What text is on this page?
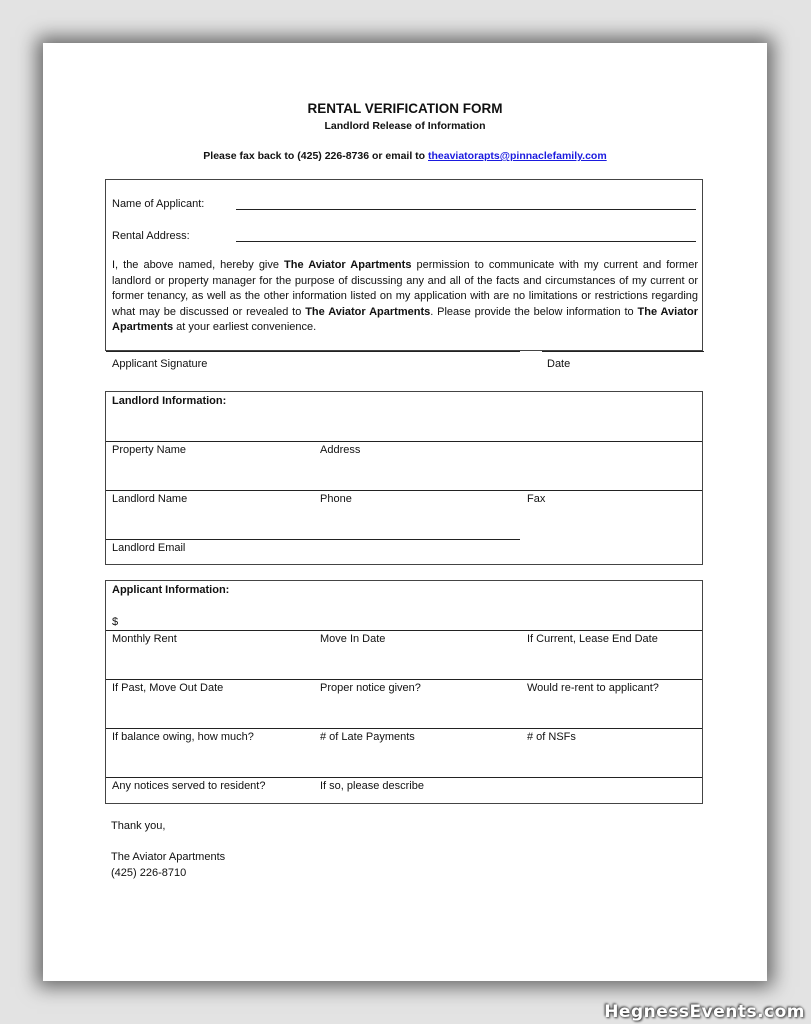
RENTAL VERIFICATION FORM
Landlord Release of Information
Please fax back to (425) 226-8736 or email to theaviatorapts@pinnaclefamily.com
Name of Applicant:
Rental Address:
I, the above named, hereby give The Aviator Apartments permission to communicate with my current and former landlord or property manager for the purpose of discussing any and all of the facts and circumstances of my current or former tenancy, as well as the other information listed on my application with are no limitations or restrictions regarding what may be discussed or revealed to The Aviator Apartments. Please provide the below information to The Aviator Apartments at your earliest convenience.
Applicant Signature	Date
Landlord Information:
Property Name	Address
Landlord Name	Phone	Fax
Landlord Email
Applicant Information:
$
Monthly Rent	Move In Date	If Current, Lease End Date
If Past, Move Out Date	Proper notice given?	Would re-rent to applicant?
If balance owing, how much?	# of Late Payments	# of NSFs
Any notices served to resident?	If so, please describe
Thank you,
The Aviator Apartments
(425) 226-8710
HegnessEvents.com
